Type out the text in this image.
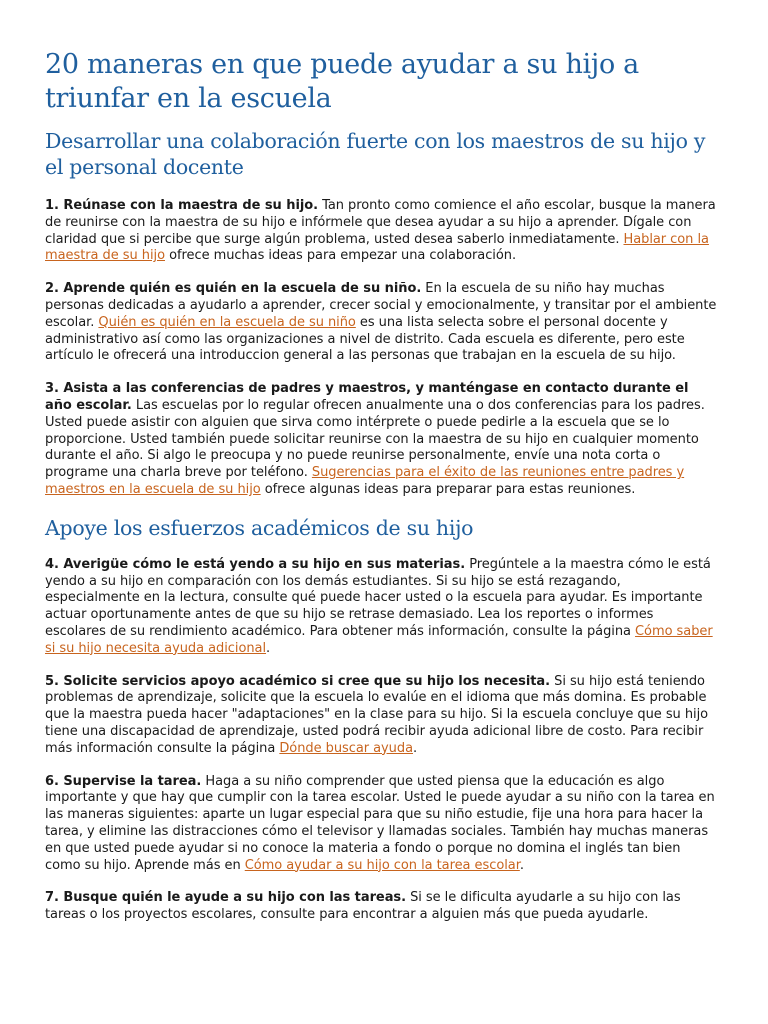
20 maneras en que puede ayudar a su hijo a triunfar en la escuela
Desarrollar una colaboración fuerte con los maestros de su hijo y el personal docente

1. Reúnase con la maestra de su hijo. Tan pronto como comience el año escolar, busque la manera de reunirse con la maestra de su hijo e infórmele que desea ayudar a su hijo a aprender. Dígale con claridad que si percibe que surge algún problema, usted desea saberlo inmediatamente. Hablar con la maestra de su hijo ofrece muchas ideas para empezar una colaboración.

2. Aprende quién es quién en la escuela de su niño. En la escuela de su niño hay muchas personas dedicadas a ayudarlo a aprender, crecer social y emocionalmente, y transitar por el ambiente escolar. Quién es quién en la escuela de su niño es una lista selecta sobre el personal docente y administrativo así como las organizaciones a nivel de distrito. Cada escuela es diferente, pero este artículo le ofrecerá una introduccion general a las personas que trabajan en la escuela de su hijo.

3. Asista a las conferencias de padres y maestros, y manténgase en contacto durante el año escolar. Las escuelas por lo regular ofrecen anualmente una o dos conferencias para los padres. Usted puede asistir con alguien que sirva como intérprete o puede pedirle a la escuela que se lo proporcione. Usted también puede solicitar reunirse con la maestra de su hijo en cualquier momento durante el año. Si algo le preocupa y no puede reunirse personalmente, envíe una nota corta o programe una charla breve por teléfono. Sugerencias para el éxito de las reuniones entre padres y maestros en la escuela de su hijo ofrece algunas ideas para preparar para estas reuniones.

Apoye los esfuerzos académicos de su hijo

4. Averigüe cómo le está yendo a su hijo en sus materias. Pregúntele a la maestra cómo le está yendo a su hijo en comparación con los demás estudiantes. Si su hijo se está rezagando, especialmente en la lectura, consulte qué puede hacer usted o la escuela para ayudar. Es importante actuar oportunamente antes de que su hijo se retrase demasiado. Lea los reportes o informes escolares de su rendimiento académico. Para obtener más información, consulte la página Cómo saber si su hijo necesita ayuda adicional.

5. Solicite servicios apoyo académico si cree que su hijo los necesita. Si su hijo está teniendo problemas de aprendizaje, solicite que la escuela lo evalúe en el idioma que más domina. Es probable que la maestra pueda hacer "adaptaciones" en la clase para su hijo. Si la escuela concluye que su hijo tiene una discapacidad de aprendizaje, usted podrá recibir ayuda adicional libre de costo. Para recibir más información consulte la página Dónde buscar ayuda.

6. Supervise la tarea. Haga a su niño comprender que usted piensa que la educación es algo importante y que hay que cumplir con la tarea escolar. Usted le puede ayudar a su niño con la tarea en las maneras siguientes: aparte un lugar especial para que su niño estudie, fije una hora para hacer la tarea, y elimine las distracciones cómo el televisor y llamadas sociales. También hay muchas maneras en que usted puede ayudar si no conoce la materia a fondo o porque no domina el inglés tan bien como su hijo. Aprende más en Cómo ayudar a su hijo con la tarea escolar.

7. Busque quién le ayude a su hijo con las tareas. Si se le dificulta ayudarle a su hijo con las tareas o los proyectos escolares, consulte para encontrar a alguien más que pueda ayudarle.
